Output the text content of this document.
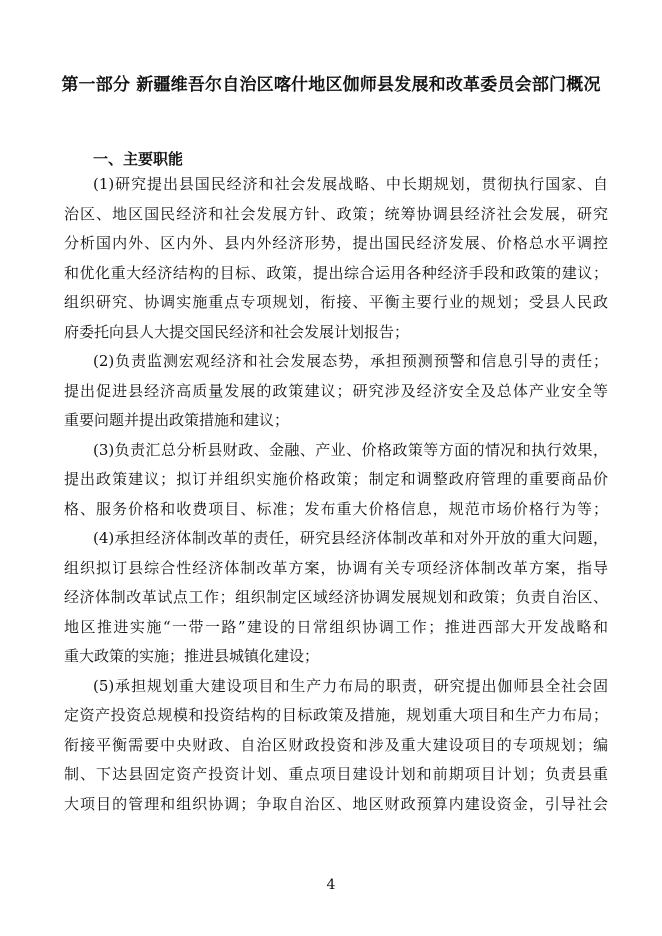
第一部分 新疆维吾尔自治区喀什地区伽师县发展和改革委员会部门概况
一、主要职能
(1)研究提出县国民经济和社会发展战略、中长期规划，贯彻执行国家、自
治区、地区国民经济和社会发展方针、政策；统筹协调县经济社会发展，研究
分析国内外、区内外、县内外经济形势，提出国民经济发展、价格总水平调控
和优化重大经济结构的目标、政策，提出综合运用各种经济手段和政策的建议；
组织研究、协调实施重点专项规划，衔接、平衡主要行业的规划；受县人民政
府委托向县人大提交国民经济和社会发展计划报告；
(2)负责监测宏观经济和社会发展态势，承担预测预警和信息引导的责任；
提出促进县经济高质量发展的政策建议；研究涉及经济安全及总体产业安全等
重要问题并提出政策措施和建议；
(3)负责汇总分析县财政、金融、产业、价格政策等方面的情况和执行效果，
提出政策建议；拟订并组织实施价格政策；制定和调整政府管理的重要商品价
格、服务价格和收费项目、标准；发布重大价格信息，规范市场价格行为等；
(4)承担经济体制改革的责任，研究县经济体制改革和对外开放的重大问题，
组织拟订县综合性经济体制改革方案，协调有关专项经济体制改革方案，指导
经济体制改革试点工作；组织制定区域经济协调发展规划和政策；负责自治区、
地区推进实施“一带一路”建设的日常组织协调工作；推进西部大开发战略和
重大政策的实施；推进县城镇化建设；
(5)承担规划重大建设项目和生产力布局的职责，研究提出伽师县全社会固
定资产投资总规模和投资结构的目标政策及措施，规划重大项目和生产力布局；
衔接平衡需要中央财政、自治区财政投资和涉及重大建设项目的专项规划；编
制、下达县固定资产投资计划、重点项目建设计划和前期项目计划；负责县重
大项目的管理和组织协调；争取自治区、地区财政预算内建设资金，引导社会
4
